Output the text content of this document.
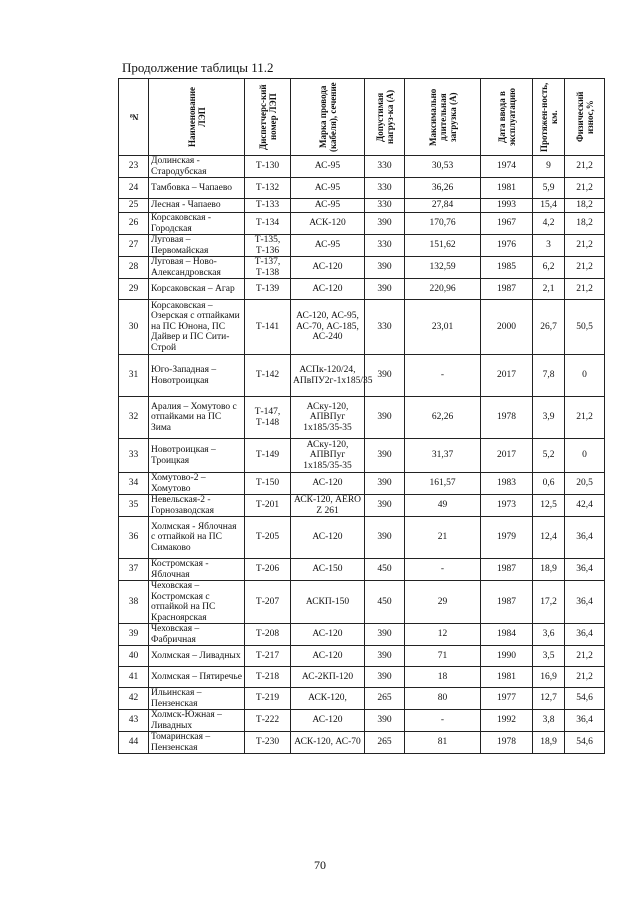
Продолжение таблицы 11.2
№	Наименование ЛЭП	Диспетчерс-кий номер ЛЭП	Марка провода (кабеля), сечение	Допустимая нагруз-ка (А)	Максимально длительная загрузка (А)	Дата ввода в эксплуатацию	Протяжен-ность, км.	Физический износ,%

23	Долинская - Стародубская	Т-130	АС-95	330	30,53	1974	9	21,2
24	Тамбовка – Чапаево	Т-132	АС-95	330	36,26	1981	5,9	21,2
25	Лесная - Чапаево	Т-133	АС-95	330	27,84	1993	15,4	18,2
26	Корсаковская - Городская	Т-134	АСК-120	390	170,76	1967	4,2	18,2
27	Луговая – Первомайская	Т-135, Т-136	АС-95	330	151,62	1976	3	21,2
28	Луговая – Ново-Александровская	Т-137, Т-138	АС-120	390	132,59	1985	6,2	21,2
29	Корсаковская – Агар	Т-139	АС-120	390	220,96	1987	2,1	21,2
30	Корсаковская – Озерская с отпайками на ПС Юнона, ПС Дайвер и ПС Сити-Строй	Т-141	АС-120, АС-95, АС-70, АС-185, АС-240	330	23,01	2000	26,7	50,5
31	Юго-Западная – Новотроицкая	Т-142	АСПк-120/24, АПвПУ2г-1х185/35	390	-	2017	7,8	0
32	Аралия – Хомутово с отпайками на ПС Зима	Т-147, Т-148	АСку-120, АПВПуг 1х185/35-35	390	62,26	1978	3,9	21,2
33	Новотроицкая – Троицкая	Т-149	АСку-120, АПВПуг 1х185/35-35	390	31,37	2017	5,2	0
34	Хомутово-2 – Хомутово	Т-150	АС-120	390	161,57	1983	0,6	20,5
35	Невельская-2 - Горнозаводская	Т-201	АСК-120, AERO Z 261	390	49	1973	12,5	42,4
36	Холмская - Яблочная с отпайкой на ПС Симаково	Т-205	АС-120	390	21	1979	12,4	36,4
37	Костромская - Яблочная	Т-206	АС-150	450	-	1987	18,9	36,4
38	Чеховская – Костромская с отпайкой на ПС Красноярская	Т-207	АСКП-150	450	29	1987	17,2	36,4
39	Чеховская – Фабричная	Т-208	АС-120	390	12	1984	3,6	36,4
40	Холмская – Ливадных	Т-217	АС-120	390	71	1990	3,5	21,2
41	Холмская – Пятиречье	Т-218	АС-2КП-120	390	18	1981	16,9	21,2
42	Ильинская – Пензенская	Т-219	АСК-120,	265	80	1977	12,7	54,6
43	Холмск-Южная – Ливадных	Т-222	АС-120	390	-	1992	3,8	36,4
44	Томаринская – Пензенская	Т-230	АСК-120, АС-70	265	81	1978	18,9	54,6
70
